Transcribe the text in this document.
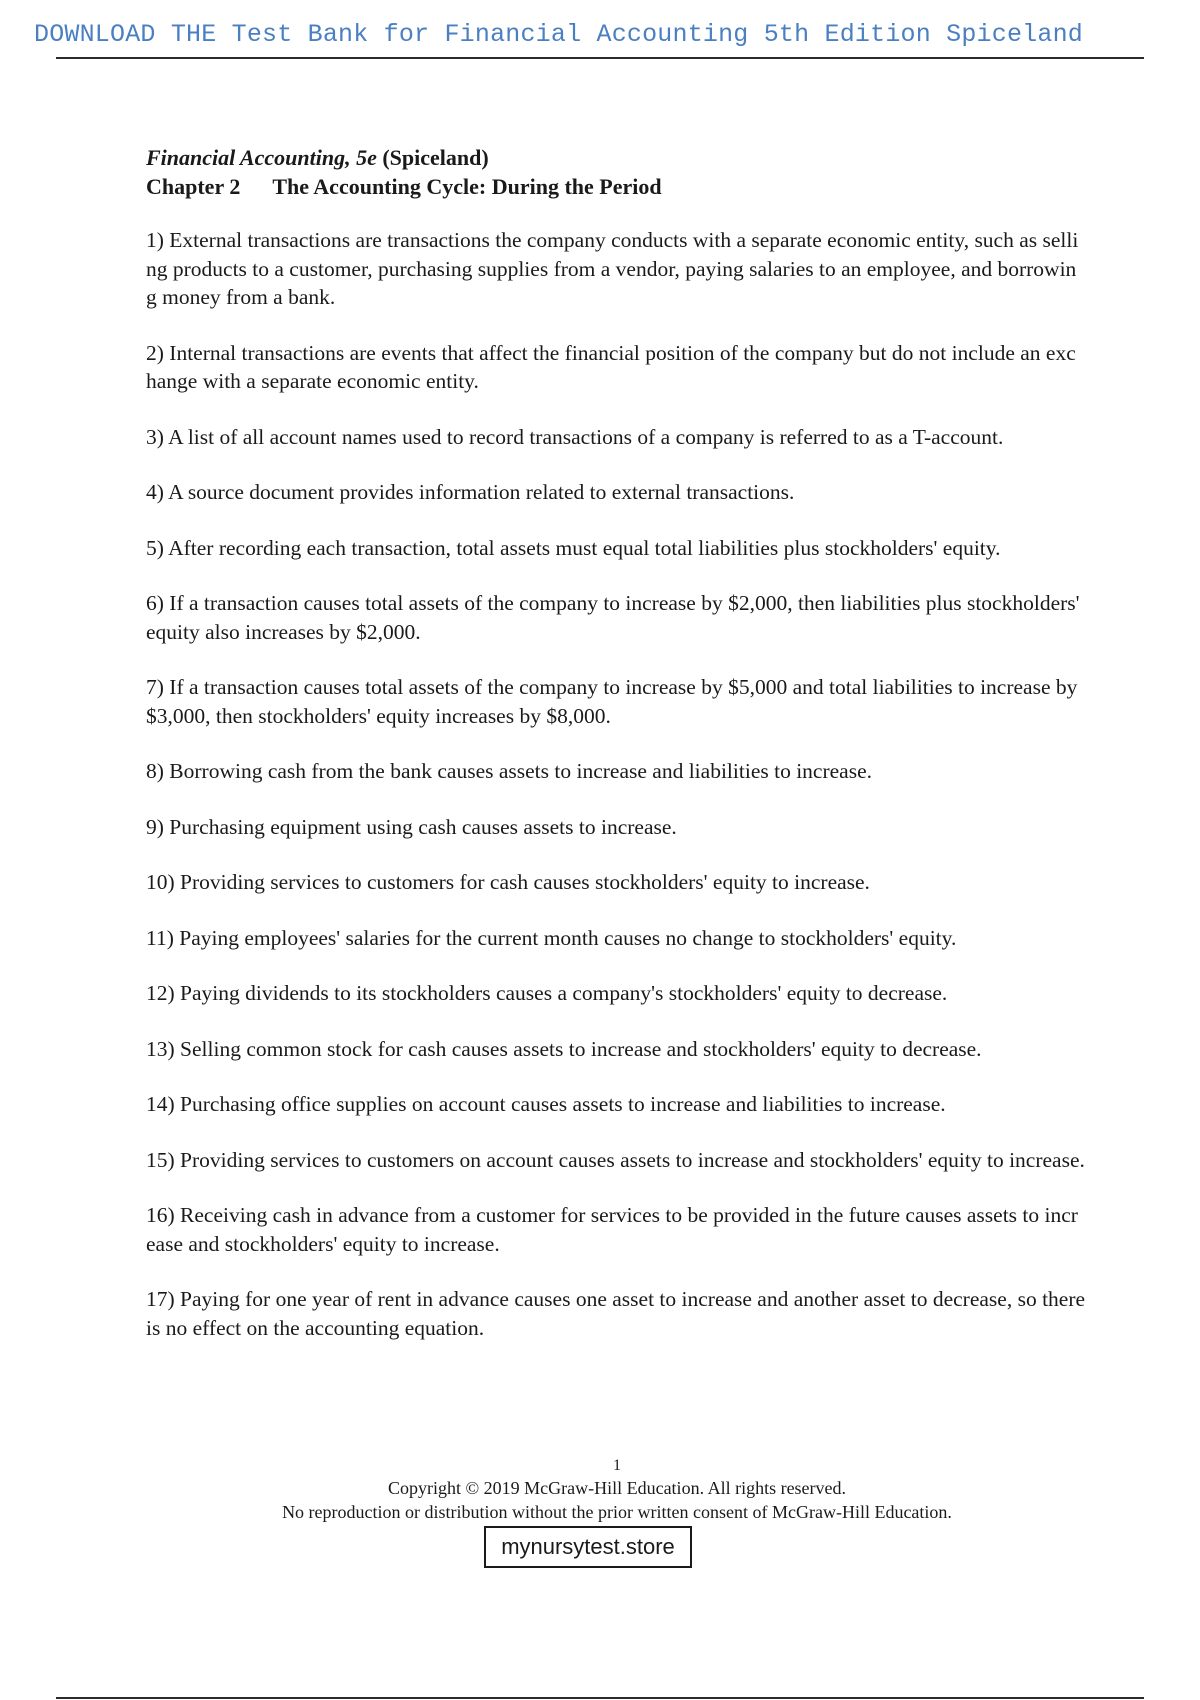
DOWNLOAD THE Test Bank for Financial Accounting 5th Edition Spiceland
Financial Accounting, 5e (Spiceland)
Chapter 2 The Accounting Cycle: During the Period
1) External transactions are transactions the company conducts with a separate economic entity, such as selling products to a customer, purchasing supplies from a vendor, paying salaries to an employee, and borrowing money from a bank.
2) Internal transactions are events that affect the financial position of the company but do not include an exchange with a separate economic entity.
3) A list of all account names used to record transactions of a company is referred to as a T-account.
4) A source document provides information related to external transactions.
5) After recording each transaction, total assets must equal total liabilities plus stockholders' equity.
6) If a transaction causes total assets of the company to increase by $2,000, then liabilities plus stockholders' equity also increases by $2,000.
7) If a transaction causes total assets of the company to increase by $5,000 and total liabilities to increase by $3,000, then stockholders' equity increases by $8,000.
8) Borrowing cash from the bank causes assets to increase and liabilities to increase.
9) Purchasing equipment using cash causes assets to increase.
10) Providing services to customers for cash causes stockholders' equity to increase.
11) Paying employees' salaries for the current month causes no change to stockholders' equity.
12) Paying dividends to its stockholders causes a company's stockholders' equity to decrease.
13) Selling common stock for cash causes assets to increase and stockholders' equity to decrease.
14) Purchasing office supplies on account causes assets to increase and liabilities to increase.
15) Providing services to customers on account causes assets to increase and stockholders' equity to increase.
16) Receiving cash in advance from a customer for services to be provided in the future causes assets to increase and stockholders' equity to increase.
17) Paying for one year of rent in advance causes one asset to increase and another asset to decrease, so there is no effect on the accounting equation.
1
Copyright © 2019 McGraw-Hill Education. All rights reserved.
No reproduction or distribution without the prior written consent of McGraw-Hill Education.
mynursytest.store
